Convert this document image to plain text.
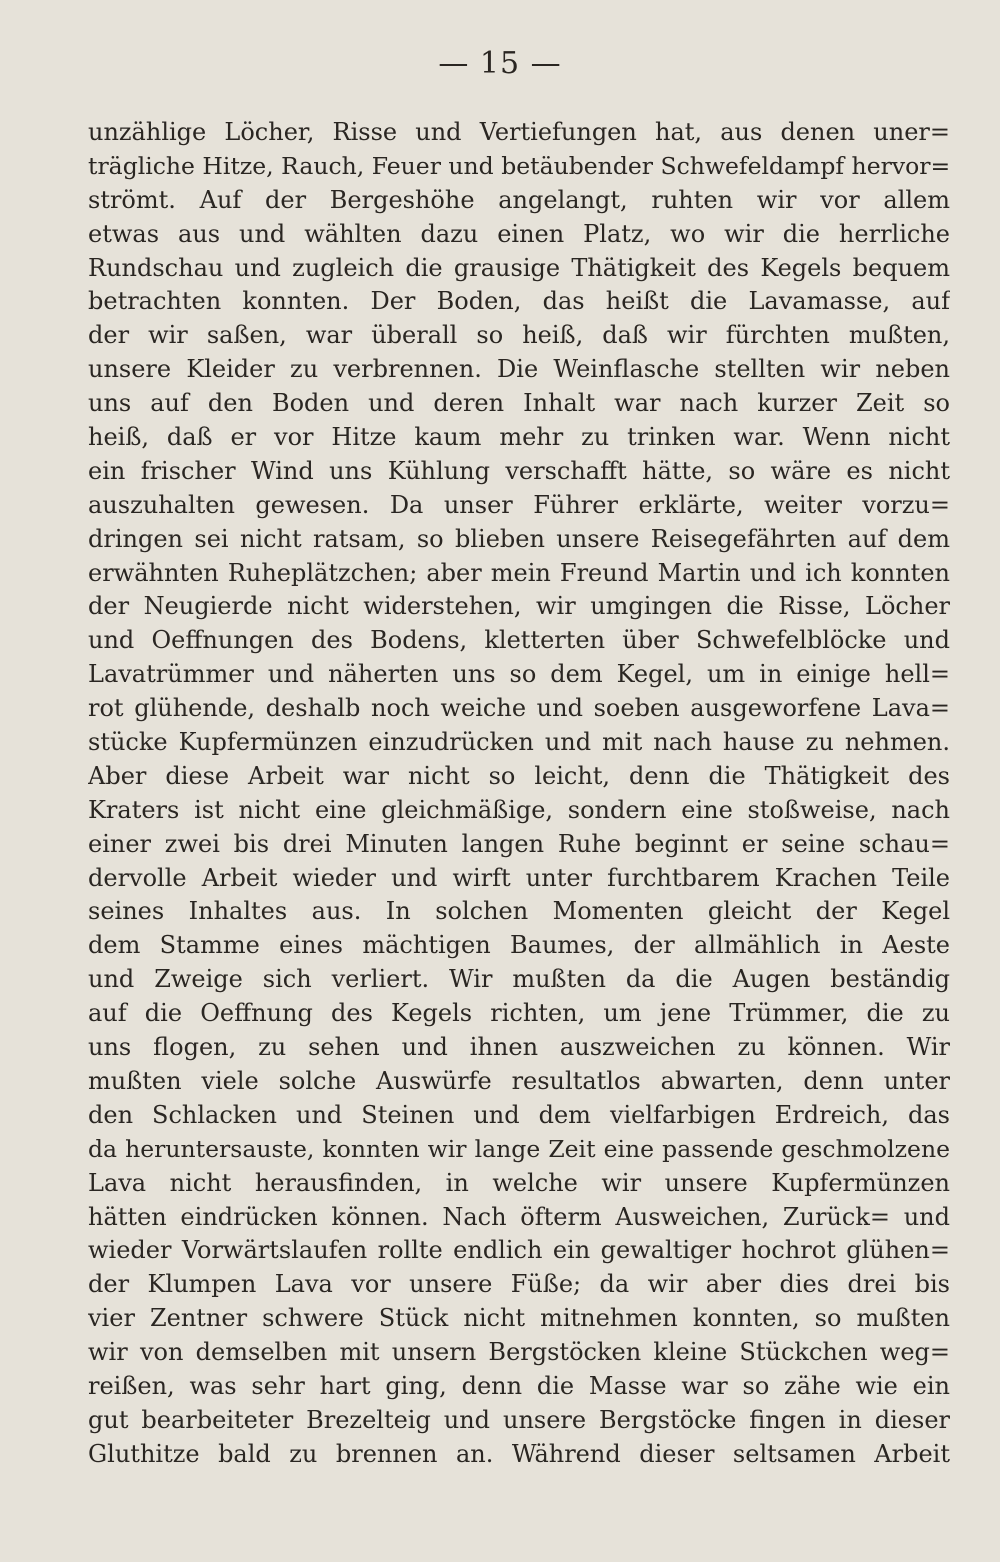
— 15 —
unzählige Löcher, Risse und Vertiefungen hat, aus denen uner=
trägliche Hitze, Rauch, Feuer und betäubender Schwefeldampf hervor=
strömt. Auf der Bergeshöhe angelangt, ruhten wir vor allem
etwas aus und wählten dazu einen Platz, wo wir die herrliche
Rundschau und zugleich die grausige Thätigkeit des Kegels bequem
betrachten konnten. Der Boden, das heißt die Lavamasse, auf
der wir saßen, war überall so heiß, daß wir fürchten mußten,
unsere Kleider zu verbrennen. Die Weinflasche stellten wir neben
uns auf den Boden und deren Inhalt war nach kurzer Zeit so
heiß, daß er vor Hitze kaum mehr zu trinken war. Wenn nicht
ein frischer Wind uns Kühlung verschafft hätte, so wäre es nicht
auszuhalten gewesen. Da unser Führer erklärte, weiter vorzu=
dringen sei nicht ratsam, so blieben unsere Reisegefährten auf dem
erwähnten Ruheplätzchen; aber mein Freund Martin und ich konnten
der Neugierde nicht widerstehen, wir umgingen die Risse, Löcher
und Oeffnungen des Bodens, kletterten über Schwefelblöcke und
Lavatrümmer und näherten uns so dem Kegel, um in einige hell=
rot glühende, deshalb noch weiche und soeben ausgeworfene Lava=
stücke Kupfermünzen einzudrücken und mit nach hause zu nehmen.
Aber diese Arbeit war nicht so leicht, denn die Thätigkeit des
Kraters ist nicht eine gleichmäßige, sondern eine stoßweise, nach
einer zwei bis drei Minuten langen Ruhe beginnt er seine schau=
dervolle Arbeit wieder und wirft unter furchtbarem Krachen Teile
seines Inhaltes aus. In solchen Momenten gleicht der Kegel
dem Stamme eines mächtigen Baumes, der allmählich in Aeste
und Zweige sich verliert. Wir mußten da die Augen beständig
auf die Oeffnung des Kegels richten, um jene Trümmer, die zu
uns flogen, zu sehen und ihnen auszweichen zu können. Wir
mußten viele solche Auswürfe resultatlos abwarten, denn unter
den Schlacken und Steinen und dem vielfarbigen Erdreich, das
da heruntersauste, konnten wir lange Zeit eine passende geschmolzene
Lava nicht herausfinden, in welche wir unsere Kupfermünzen
hätten eindrücken können. Nach öfterm Ausweichen, Zurück= und
wieder Vorwärtslaufen rollte endlich ein gewaltiger hochrot glühen=
der Klumpen Lava vor unsere Füße; da wir aber dies drei bis
vier Zentner schwere Stück nicht mitnehmen konnten, so mußten
wir von demselben mit unsern Bergstöcken kleine Stückchen weg=
reißen, was sehr hart ging, denn die Masse war so zähe wie ein
gut bearbeiteter Brezelteig und unsere Bergstöcke fingen in dieser
Gluthitze bald zu brennen an. Während dieser seltsamen Arbeit
